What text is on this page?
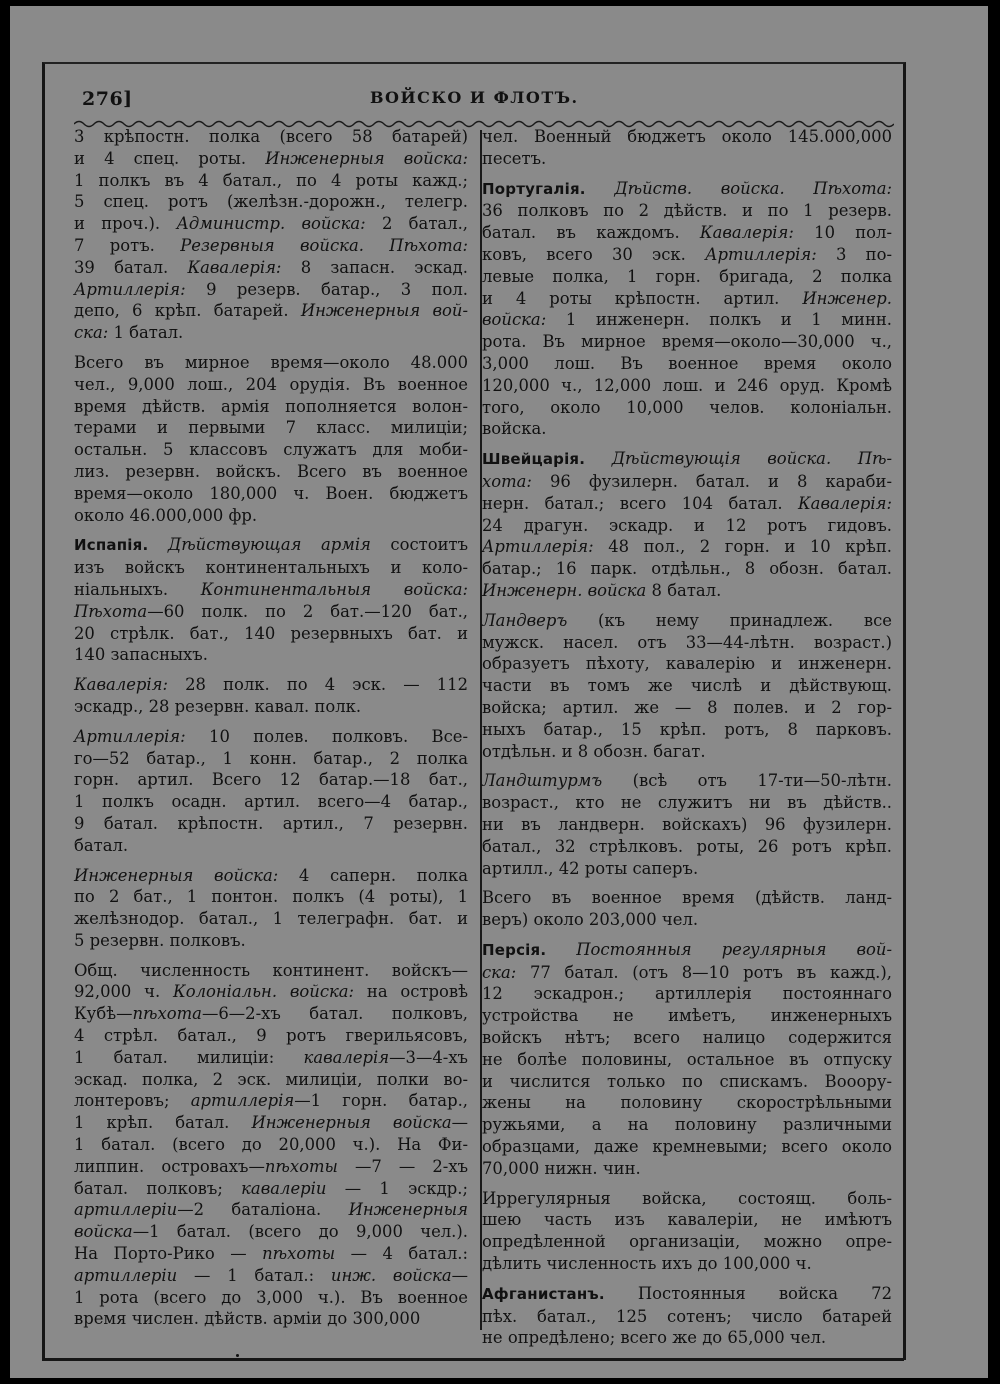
276]	ВОЙСКО И ФЛОТЪ.
3 крѣпостн. полка (всего 58 батарей)
и 4 спец. роты. Инженерныя войска:
1 полкъ въ 4 батал., по 4 роты кажд.;
5 спец. ротъ (желѣзн.-дорожн., телегр.
и проч.). Администр. войска: 2 батал.,
7 ротъ. Резервныя войска. Пѣхота:
39 батал. Кавалерія: 8 запасн. эскад.
Артиллерія: 9 резерв. батар., 3 пол.
депо, 6 крѣп. батарей. Инженерныя вой-
ска: 1 батал.
Всего въ мирное время—около 48.000
чел., 9,000 лош., 204 орудія. Въ военное
время дѣйств. армія пополняется волон-
терами и первыми 7 класс. милиціи;
остальн. 5 классовъ служатъ для моби-
лиз. резервн. войскъ. Всего въ военное
время—около 180,000 ч. Воен. бюджетъ
около 46.000,000 фр.
Испапія. Дѣйствующая армія состоитъ
изъ войскъ континентальныхъ и коло-
ніальныхъ. Континентальныя войска:
Пѣхота—60 полк. по 2 бат.—120 бат.,
20 стрѣлк. бат., 140 резервныхъ бат. и
140 запасныхъ.
Кавалерія: 28 полк. по 4 эск. — 112
эскадр., 28 резервн. кавал. полк.
Артиллерія: 10 полев. полковъ. Все-
го—52 батар., 1 конн. батар., 2 полка
горн. артил. Всего 12 батар.—18 бат.,
1 полкъ осадн. артил. всего—4 батар.,
9 батал. крѣпостн. артил., 7 резервн.
батал.
Инженерныя войска: 4 саперн. полка
по 2 бат., 1 понтон. полкъ (4 роты), 1
желѣзнодор. батал., 1 телеграфн. бат. и
5 резервн. полковъ.
Общ. численность континент. войскъ—
92,000 ч. Колоніальн. войска: на островѣ
Кубѣ—пѣхота—6—2-хъ батал. полковъ,
4 стрѣл. батал., 9 ротъ гверильясовъ,
1 батал. милиціи: кавалерія—3—4-хъ
эскад. полка, 2 эск. милиціи, полки во-
лонтеровъ; артиллерія—1 горн. батар.,
1 крѣп. батал. Инженерныя войска—
1 батал. (всего до 20,000 ч.). На Фи-
липпин. островахъ—пѣхоты —7 — 2-хъ
батал. полковъ; кавалеріи — 1 эскдр.;
артиллеріи—2 баталіона. Инженерныя
войска—1 батал. (всего до 9,000 чел.).
На Порто-Рико — пѣхоты — 4 батал.:
артиллеріи — 1 батал.: инж. войска—
1 рота (всего до 3,000 ч.). Въ военное
время числен. дѣйств. арміи до 300,000
чел. Военный бюджетъ около 145.000,000
песетъ.
Португалія. Дѣйств. войска. Пѣхота:
36 полковъ по 2 дѣйств. и по 1 резерв.
батал. въ каждомъ. Кавалерія: 10 пол-
ковъ, всего 30 эск. Артиллерія: 3 по-
левые полка, 1 горн. бригада, 2 полка
и 4 роты крѣпостн. артил. Инженер.
войска: 1 инженерн. полкъ и 1 минн.
рота. Въ мирное время—около—30,000 ч.,
3,000 лош. Въ военное время около
120,000 ч., 12,000 лош. и 246 оруд. Кромѣ
того, около 10,000 челов. колоніальн.
войска.
Швейцарія. Дѣйствующія войска. Пѣ-
хота: 96 фузилерн. батал. и 8 караби-
нерн. батал.; всего 104 батал. Кавалерія:
24 драгун. эскадр. и 12 ротъ гидовъ.
Артиллерія: 48 пол., 2 горн. и 10 крѣп.
батар.; 16 парк. отдѣльн., 8 обозн. батал.
Инженерн. войска 8 батал.
Ландверъ (къ нему принадлеж. все
мужск. насел. отъ 33—44-лѣтн. возраст.)
образуетъ пѣхоту, кавалерію и инженерн.
части въ томъ же числѣ и дѣйствующ.
войска; артил. же — 8 полев. и 2 гор-
ныхъ батар., 15 крѣп. ротъ, 8 парковъ.
отдѣльн. и 8 обозн. багат.
Ландштурмъ (всѣ отъ 17-ти—50-лѣтн.
возраст., кто не служитъ ни въ дѣйств..
ни въ ландверн. войскахъ) 96 фузилерн.
батал., 32 стрѣлковъ. роты, 26 ротъ крѣп.
артилл., 42 роты саперъ.
Всего въ военное время (дѣйств. ланд-
веръ) около 203,000 чел.
Персія. Постоянныя регулярныя вой-
ска: 77 батал. (отъ 8—10 ротъ въ кажд.),
12 эскадрон.; артиллерія постояннаго
устройства не имѣетъ, инженерныхъ
войскъ нѣтъ; всего налицо содержится
не болѣе половины, остальное въ отпуску
и числится только по спискамъ. Вооору-
жены на половину скорострѣльными
ружьями, а на половину различными
образцами, даже кремневыми; всего около
70,000 нижн. чин.
Иррегулярныя войска, состоящ. боль-
шею часть изъ кавалеріи, не имѣютъ
опредѣленной организаціи, можно опре-
дѣлить численность ихъ до 100,000 ч.
Афганистанъ. Постоянныя войска 72
пѣх. батал., 125 сотенъ; число батарей
не опредѣлено; всего же до 65,000 чел.
